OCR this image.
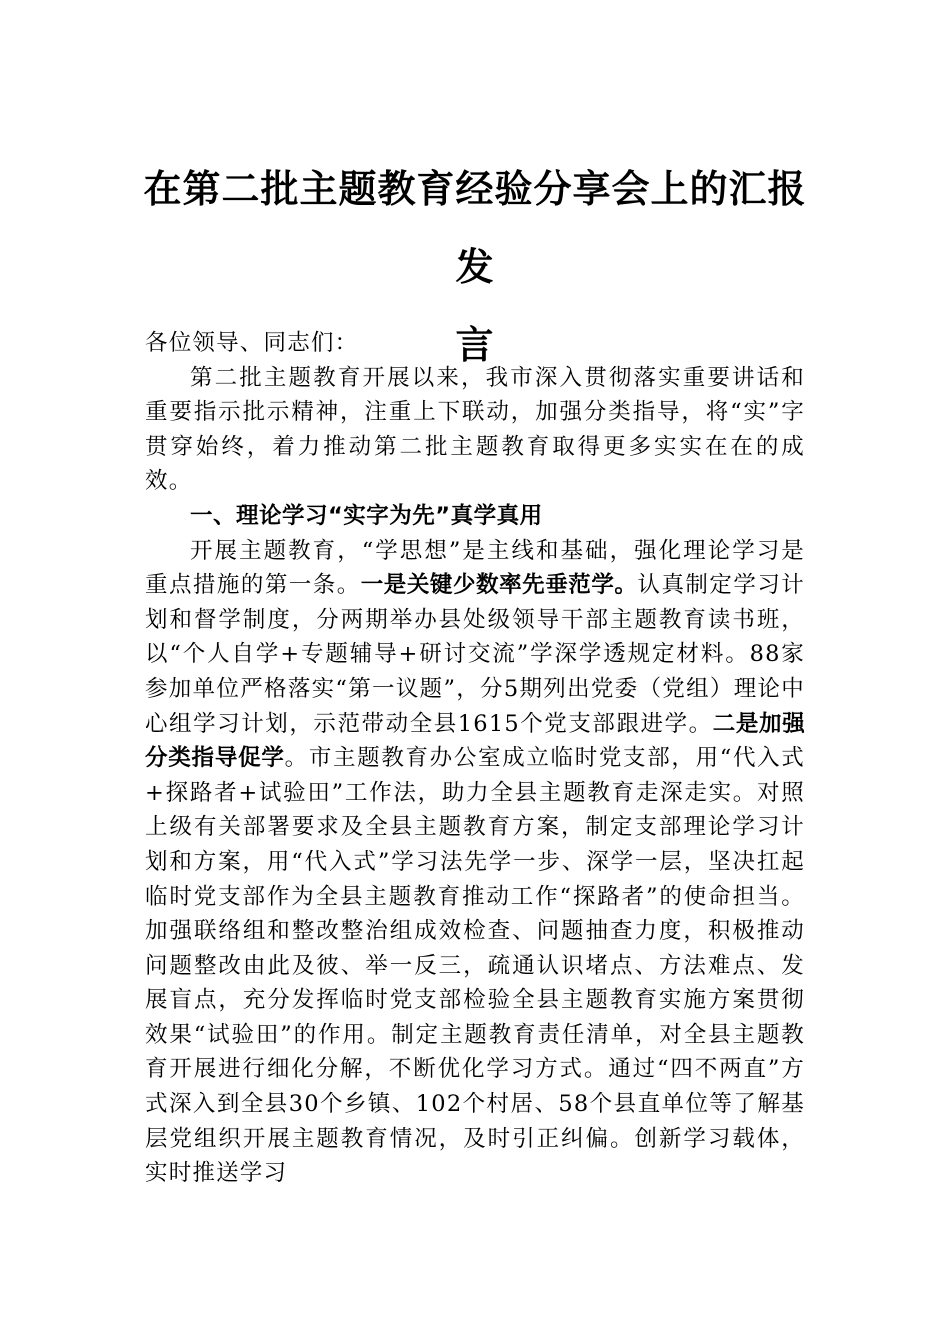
在第二批主题教育经验分享会上的汇报发
言

各位领导、同志们：

第二批主题教育开展以来，我市深入贯彻落实重要讲话和重要指示批示精神，注重上下联动，加强分类指导，将“实”字贯穿始终，着力推动第二批主题教育取得更多实实在在的成效。

一、理论学习“实字为先”真学真用

开展主题教育，“学思想”是主线和基础，强化理论学习是重点措施的第一条。一是关键少数率先垂范学。认真制定学习计划和督学制度，分两期举办县处级领导干部主题教育读书班，以“个人自学+专题辅导+研讨交流”学深学透规定材料。88家参加单位严格落实“第一议题”，分5期列出党委（党组）理论中心组学习计划，示范带动全县1615个党支部跟进学。二是加强分类指导促学。市主题教育办公室成立临时党支部，用“代入式+探路者+试验田”工作法，助力全县主题教育走深走实。对照上级有关部署要求及全县主题教育方案，制定支部理论学习计划和方案，用“代入式”学习法先学一步、深学一层，坚决扛起临时党支部作为全县主题教育推动工作“探路者”的使命担当。加强联络组和整改整治组成效检查、问题抽查力度，积极推动问题整改由此及彼、举一反三，疏通认识堵点、方法难点、发展盲点，充分发挥临时党支部检验全县主题教育实施方案贯彻效果“试验田”的作用。制定主题教育责任清单，对全县主题教育开展进行细化分解，不断优化学习方式。通过“四不两直”方式深入到全县30个乡镇、102个村居、58个县直单位等了解基层党组织开展主题教育情况，及时引正纠偏。创新学习载体，实时推送学习
